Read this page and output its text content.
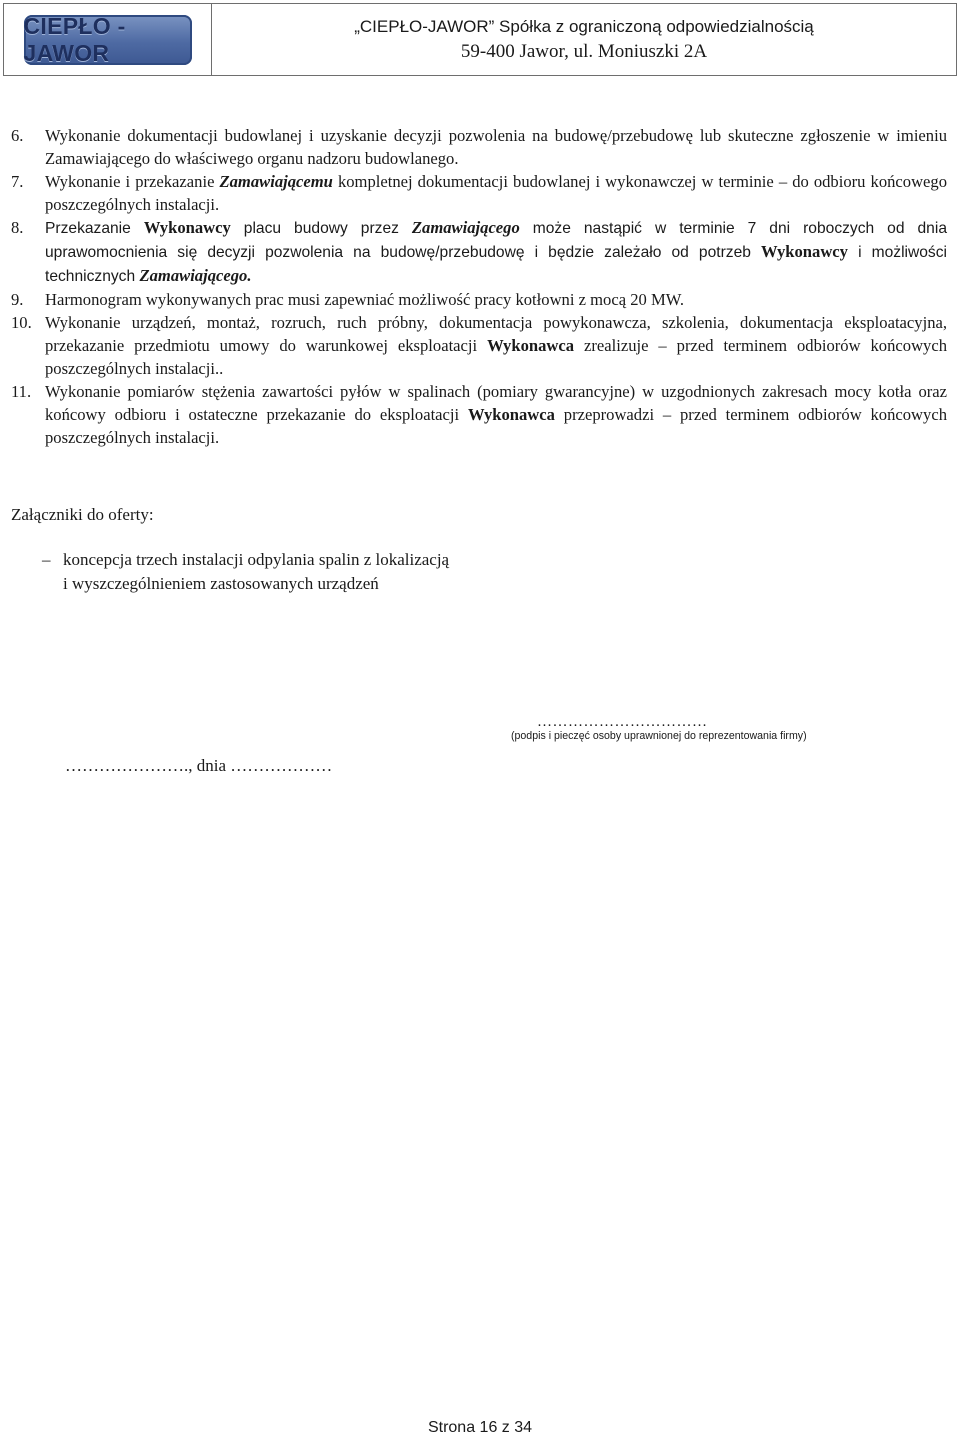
CIEPŁO - JAWOR
„CIEPŁO-JAWOR” Spółka z ograniczoną odpowiedzialnością
59-400 Jawor, ul. Moniuszki 2A
6. Wykonanie dokumentacji budowlanej i uzyskanie decyzji pozwolenia na budowę/przebudowę lub skuteczne zgłoszenie w imieniu Zamawiającego do właściwego organu nadzoru budowlanego.
7. Wykonanie i przekazanie Zamawiającemu kompletnej dokumentacji budowlanej i wykonawczej w terminie – do odbioru końcowego poszczególnych instalacji.
8. Przekazanie Wykonawcy placu budowy przez Zamawiającego może nastąpić w terminie 7 dni roboczych od dnia uprawomocnienia się decyzji pozwolenia na budowę/przebudowę i będzie zależało od potrzeb Wykonawcy i możliwości technicznych Zamawiającego.
9. Harmonogram wykonywanych prac musi zapewniać możliwość pracy kotłowni z mocą 20 MW.
10. Wykonanie urządzeń, montaż, rozruch, ruch próbny, dokumentacja powykonawcza, szkolenia, dokumentacja eksploatacyjna, przekazanie przedmiotu umowy do warunkowej eksploatacji Wykonawca zrealizuje – przed terminem odbiorów końcowych poszczególnych instalacji..
11. Wykonanie pomiarów stężenia zawartości pyłów w spalinach (pomiary gwarancyjne) w uzgodnionych zakresach mocy kotła oraz końcowy odbioru i ostateczne przekazanie do eksploatacji Wykonawca przeprowadzi – przed terminem odbiorów końcowych poszczególnych instalacji.
Załączniki do oferty:
– koncepcja trzech instalacji odpylania spalin z lokalizacją
i wyszczególnieniem zastosowanych urządzeń
……………………………
(podpis i pieczęć osoby uprawnionej do reprezentowania firmy)
…………………., dnia ………………
Strona 16 z 34
